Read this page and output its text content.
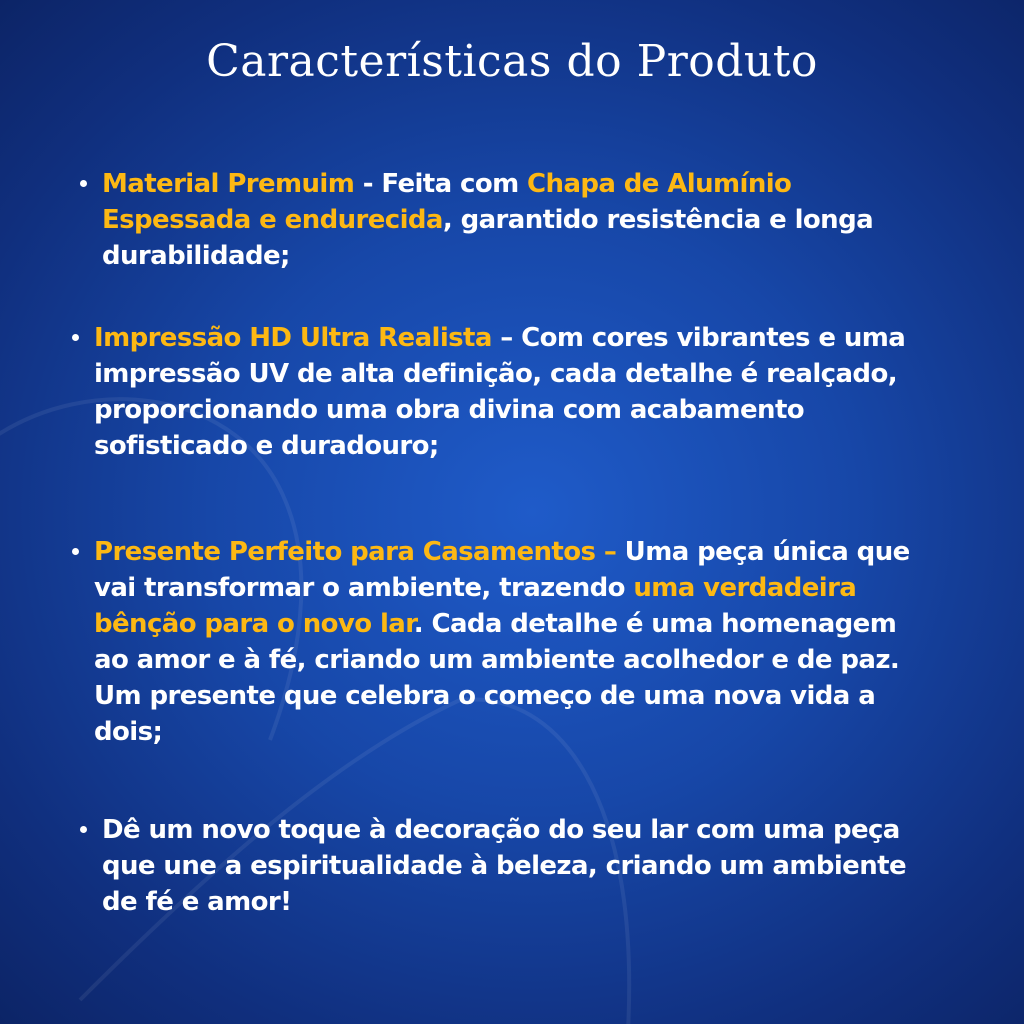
Características do Produto

Material Premuim - Feita com Chapa de Alumínio Espessada e endurecida, garantido resistência e longa durabilidade;

Impressão HD Ultra Realista – Com cores vibrantes e uma impressão UV de alta definição, cada detalhe é realçado, proporcionando uma obra divina com acabamento sofisticado e duradouro;

Presente Perfeito para Casamentos – Uma peça única que vai transformar o ambiente, trazendo uma verdadeira bênção para o novo lar. Cada detalhe é uma homenagem ao amor e à fé, criando um ambiente acolhedor e de paz. Um presente que celebra o começo de uma nova vida a dois;

Dê um novo toque à decoração do seu lar com uma peça que une a espiritualidade à beleza, criando um ambiente de fé e amor!
